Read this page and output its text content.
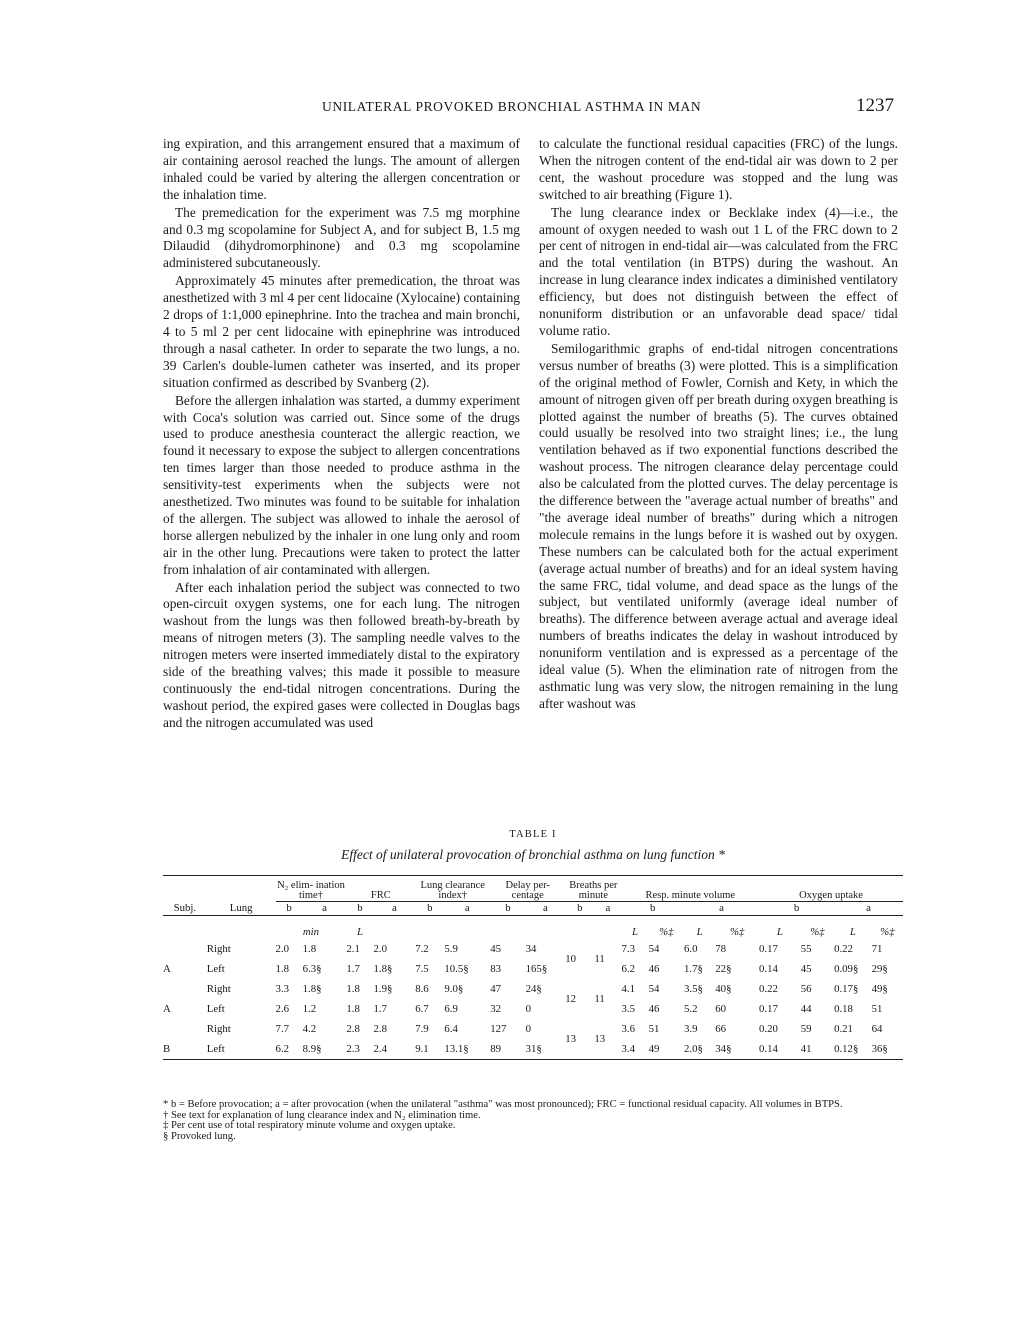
UNILATERAL PROVOKED BRONCHIAL ASTHMA IN MAN	1237

ing expiration, and this arrangement ensured that a maximum of air containing aerosol reached the lungs. The amount of allergen inhaled could be varied by altering the allergen concentration or the inhalation time.

The premedication for the experiment was 7.5 mg morphine and 0.3 mg scopolamine for Subject A, and for subject B, 1.5 mg Dilaudid (dihydromorphinone) and 0.3 mg scopolamine administered subcutaneously.

Approximately 45 minutes after premedication, the throat was anesthetized with 3 ml 4 per cent lidocaine (Xylocaine) containing 2 drops of 1:1,000 epinephrine. Into the trachea and main bronchi, 4 to 5 ml 2 per cent lidocaine with epinephrine was introduced through a nasal catheter. In order to separate the two lungs, a no. 39 Carlen's double-lumen catheter was inserted, and its proper situation confirmed as described by Svanberg (2).

Before the allergen inhalation was started, a dummy experiment with Coca's solution was carried out. Since some of the drugs used to produce anesthesia counteract the allergic reaction, we found it necessary to expose the subject to allergen concentrations ten times larger than those needed to produce asthma in the sensitivity-test experiments when the subjects were not anesthetized. Two minutes was found to be suitable for inhalation of the allergen. The subject was allowed to inhale the aerosol of horse allergen nebulized by the inhaler in one lung only and room air in the other lung. Precautions were taken to protect the latter from inhalation of air contaminated with allergen.

After each inhalation period the subject was connected to two open-circuit oxygen systems, one for each lung. The nitrogen washout from the lungs was then followed breath-by-breath by means of nitrogen meters (3). The sampling needle valves to the nitrogen meters were inserted immediately distal to the expiratory side of the breathing valves; this made it possible to measure continuously the end-tidal nitrogen concentrations. During the washout period, the expired gases were collected in Douglas bags and the nitrogen accumulated was used

to calculate the functional residual capacities (FRC) of the lungs. When the nitrogen content of the end-tidal air was down to 2 per cent, the washout procedure was stopped and the lung was switched to air breathing (Figure 1).

The lung clearance index or Becklake index (4)—i.e., the amount of oxygen needed to wash out 1 L of the FRC down to 2 per cent of nitrogen in end-tidal air—was calculated from the FRC and the total ventilation (in BTPS) during the washout. An increase in lung clearance index indicates a diminished ventilatory efficiency, but does not distinguish between the effect of nonuniform distribution or an unfavorable dead space/ tidal volume ratio.

Semilogarithmic graphs of end-tidal nitrogen concentrations versus number of breaths (3) were plotted. This is a simplification of the original method of Fowler, Cornish and Kety, in which the amount of nitrogen given off per breath during oxygen breathing is plotted against the number of breaths (5). The curves obtained could usually be resolved into two straight lines; i.e., the lung ventilation behaved as if two exponential functions described the washout process. The nitrogen clearance delay percentage could also be calculated from the plotted curves. The delay percentage is the difference between the "average actual number of breaths" and "the average ideal number of breaths" during which a nitrogen molecule remains in the lungs before it is washed out by oxygen. These numbers can be calculated both for the actual experiment (average actual number of breaths) and for an ideal system having the same FRC, tidal volume, and dead space as the lungs of the subject, but ventilated uniformly (average ideal number of breaths). The difference between average actual and average ideal numbers of breaths indicates the delay in washout introduced by nonuniform ventilation and is expressed as a percentage of the ideal value (5). When the elimination rate of nitrogen from the asthmatic lung was very slow, the nitrogen remaining in the lung after washout was

TABLE I

Effect of unilateral provocation of bronchial asthma on lung function *

		N₂ elim- ination time†		FRC		Lung clearance index†		Delay per- centage		Breaths per minute		Resp. minute volume				Oxygen uptake			
Subj.	Lung	b	a	b	a	b	a	b	a	b	a	b		a		b		a	
		min		L								L	%‡	L	%‡	L	%‡	L	%‡
	Right	2.0	1.8	2.1	2.0	7.2	5.9	45	34	10	11	7.3	54	6.0	78	0.17	55	0.22	71
A	Left	1.8	6.3§	1.7	1.8§	7.5	10.5§	83	165§			6.2	46	1.7§	22§	0.14	45	0.09§	29§
	Right	3.3	1.8§	1.8	1.9§	8.6	9.0§	47	24§	12	11	4.1	54	3.5§	40§	0.22	56	0.17§	49§
A	Left	2.6	1.2	1.8	1.7	6.7	6.9	32	0			3.5	46	5.2	60	0.17	44	0.18	51
	Right	7.7	4.2	2.8	2.8	7.9	6.4	127	0	13	13	3.6	51	3.9	66	0.20	59	0.21	64
B	Left	6.2	8.9§	2.3	2.4	9.1	13.1§	89	31§			3.4	49	2.0§	34§	0.14	41	0.12§	36§

* b = Before provocation; a = after provocation (when the unilateral "asthma" was most pronounced); FRC = functional residual capacity. All volumes in BTPS.

† See text for explanation of lung clearance index and N₂ elimination time.

‡ Per cent use of total respiratory minute volume and oxygen uptake.

§ Provoked lung.
